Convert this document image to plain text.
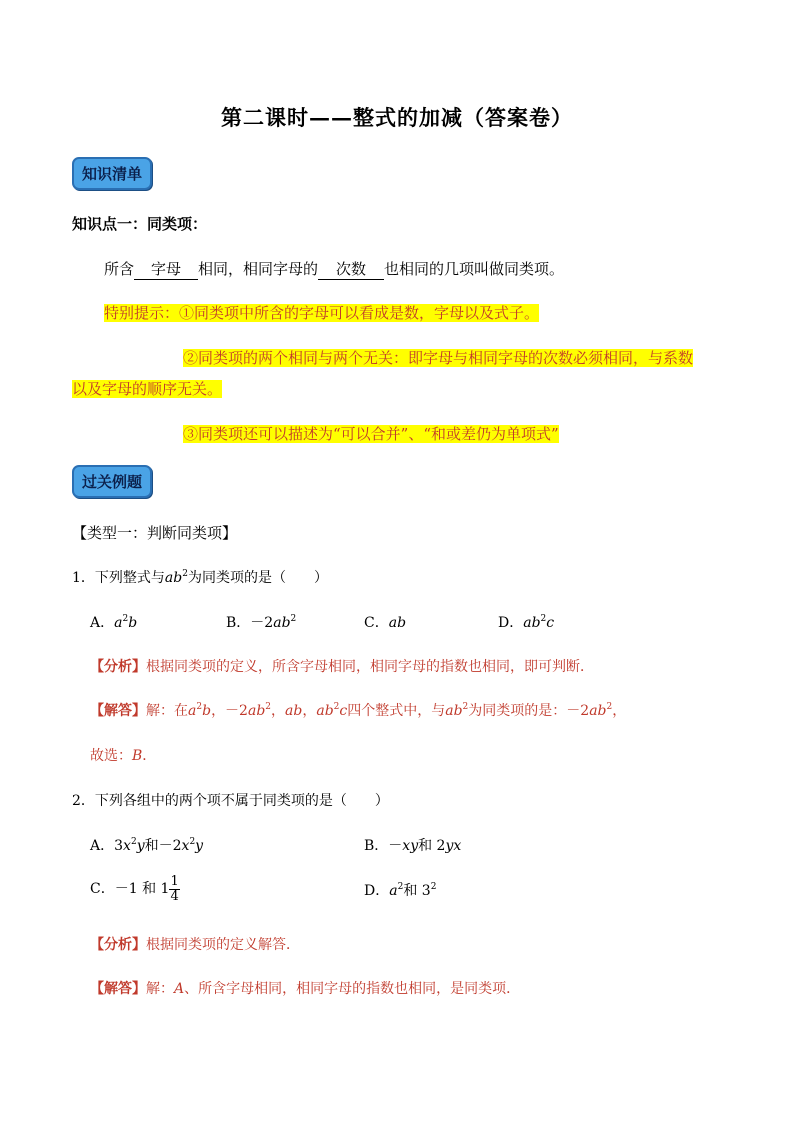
第二课时——整式的加减（答案卷）
知识清单
知识点一：同类项：
所含 字母 相同，相同字母的 次数 也相同的几项叫做同类项。
特别提示：①同类项中所含的字母可以看成是数，字母以及式子。
②同类项的两个相同与两个无关：即字母与相同字母的次数必须相同，与系数
以及字母的顺序无关。
③同类项还可以描述为“可以合并”、“和或差仍为单项式”
过关例题
【类型一：判断同类项】
1．下列整式与$ab^2$为同类项的是（　　）
A．$a^2b$	B．$-2ab^2$	C．ab	D．$ab^2c$
【分析】根据同类项的定义，所含字母相同，相同字母的指数也相同，即可判断．
【解答】解：在$a^2b$，$-2ab^2$，ab，$ab^2c$四个整式中，与$ab^2$为同类项的是：$-2ab^2$，
故选：B．
2．下列各组中的两个项不属于同类项的是（　　）
A．$3x^2y$和$-2x^2y$	B．－xy和 2yx
C．－1 和 $1 \frac{1}{4}$	D．$a^2$和 $3^2$
【分析】根据同类项的定义解答．
【解答】解：A、所含字母相同，相同字母的指数也相同，是同类项．
